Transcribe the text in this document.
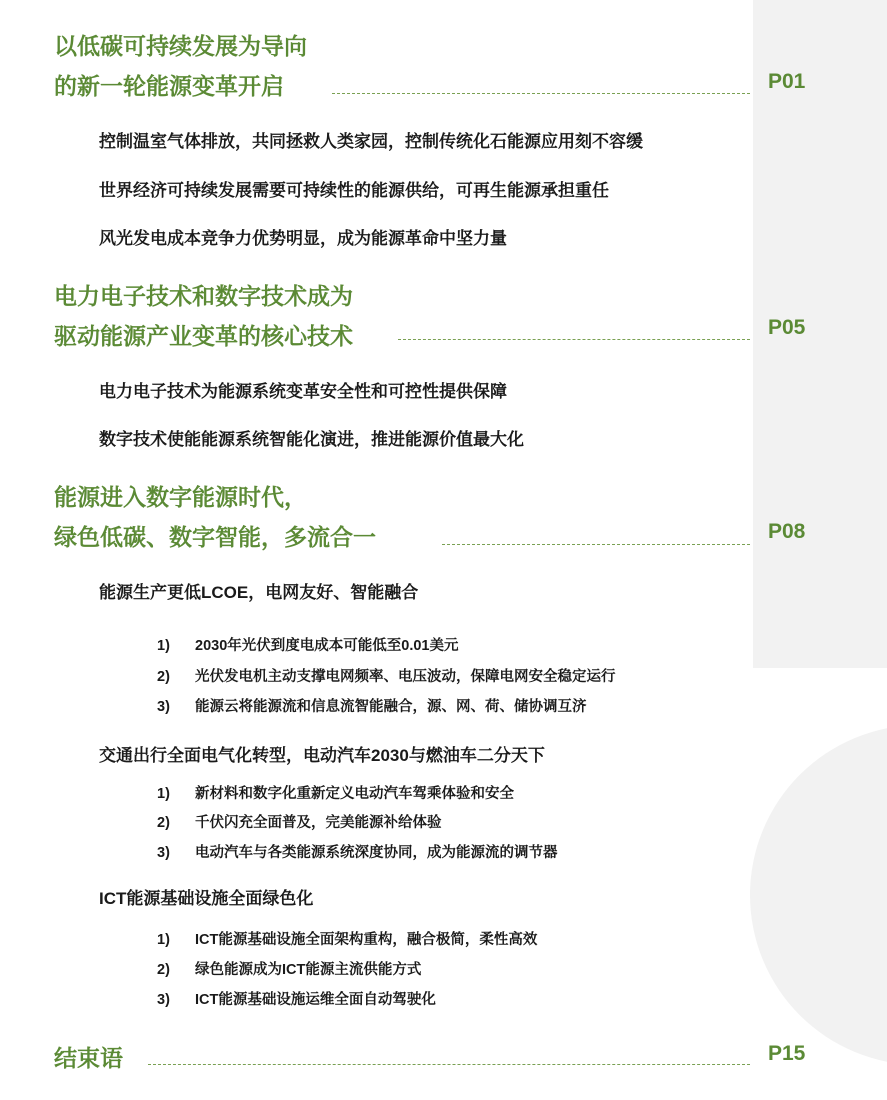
以低碳可持续发展为导向
的新一轮能源变革开启	P01
控制温室气体排放，共同拯救人类家园，控制传统化石能源应用刻不容缓
世界经济可持续发展需要可持续性的能源供给，可再生能源承担重任
风光发电成本竞争力优势明显，成为能源革命中坚力量
电力电子技术和数字技术成为
驱动能源产业变革的核心技术	P05
电力电子技术为能源系统变革安全性和可控性提供保障
数字技术使能能源系统智能化演进，推进能源价值最大化
能源进入数字能源时代，
绿色低碳、数字智能，多流合一	P08
能源生产更低LCOE，电网友好、智能融合
1) 2030年光伏到度电成本可能低至0.01美元
2) 光伏发电机主动支撑电网频率、电压波动，保障电网安全稳定运行
3) 能源云将能源流和信息流智能融合，源、网、荷、储协调互济
交通出行全面电气化转型，电动汽车2030与燃油车二分天下
1) 新材料和数字化重新定义电动汽车驾乘体验和安全
2) 千伏闪充全面普及，完美能源补给体验
3) 电动汽车与各类能源系统深度协同，成为能源流的调节器
ICT能源基础设施全面绿色化
1) ICT能源基础设施全面架构重构，融合极简，柔性高效
2) 绿色能源成为ICT能源主流供能方式
3) ICT能源基础设施运维全面自动驾驶化
结束语	P15
